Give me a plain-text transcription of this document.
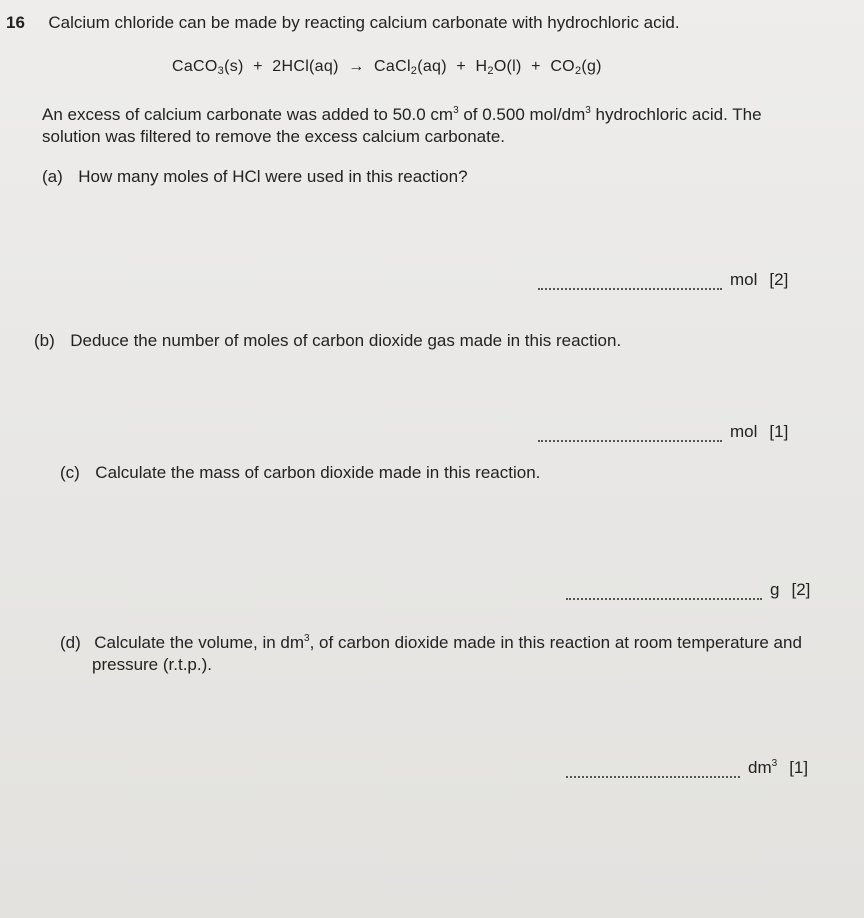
16 Calcium chloride can be made by reacting calcium carbonate with hydrochloric acid.
CaCO$_3$(s) + 2HCl(aq) → CaCl$_2$(aq) + $H_2O(l) + CO_2(g)$
An excess of calcium carbonate was added to 50.0 $cm^3$ of 0.500 mol/$dm^3$ hydrochloric acid. The
solution was filtered to remove the excess calcium carbonate.
(a) How many moles of HCl were used in this reaction?
mol [2]
(b) Deduce the number of moles of carbon dioxide gas made in this reaction.
mol [1]
(c) Calculate the mass of carbon dioxide made in this reaction.
g [2]
(d) Calculate the volume, in $dm^3$, of carbon dioxide made in this reaction at room temperature and
pressure (r.t.p.).
$dm^3$ [1]
